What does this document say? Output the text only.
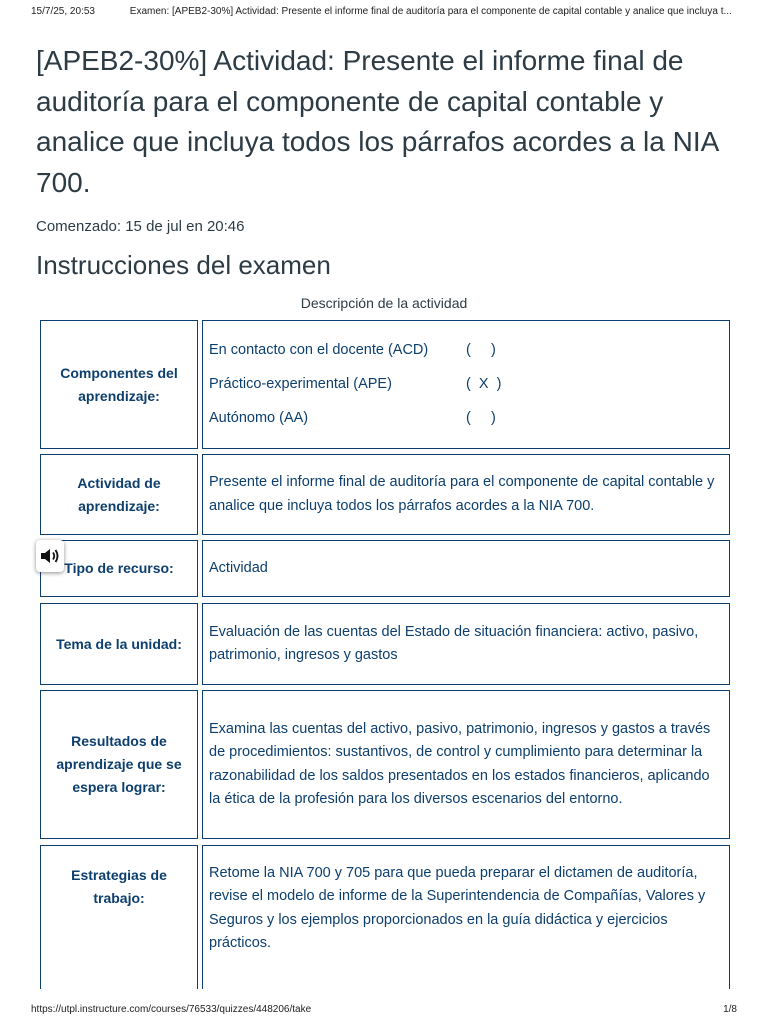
15/7/25, 20:53	Examen: [APEB2-30%] Actividad: Presente el informe final de auditoría para el componente de capital contable y analice que incluya t...
[APEB2-30%] Actividad: Presente el informe final de auditoría para el componente de capital contable y analice que incluya todos los párrafos acordes a la NIA 700.
Comenzado: 15 de jul en 20:46
Instrucciones del examen
Descripción de la actividad
Componentes del aprendizaje:
En contacto con el docente (ACD)	(     )
Práctico-experimental (APE)	(  X  )
Autónomo (AA)	(     )
Actividad de aprendizaje:
Presente el informe final de auditoría para el componente de capital contable y analice que incluya todos los párrafos acordes a la NIA 700.
Tipo de recurso: Actividad
Tema de la unidad:
Evaluación de las cuentas del Estado de situación financiera: activo, pasivo, patrimonio, ingresos y gastos
Resultados de aprendizaje que se espera lograr:
Examina las cuentas del activo, pasivo, patrimonio, ingresos y gastos a través de procedimientos: sustantivos, de control y cumplimiento para determinar la razonabilidad de los saldos presentados en los estados financieros, aplicando la ética de la profesión para los diversos escenarios del entorno.
Estrategias de trabajo:
Retome la NIA 700 y 705 para que pueda preparar el dictamen de auditoría, revise el modelo de informe de la Superintendencia de Compañías, Valores y Seguros y los ejemplos proporcionados en la guía didáctica y ejercicios prácticos.
https://utpl.instructure.com/courses/76533/quizzes/448206/take	1/8
